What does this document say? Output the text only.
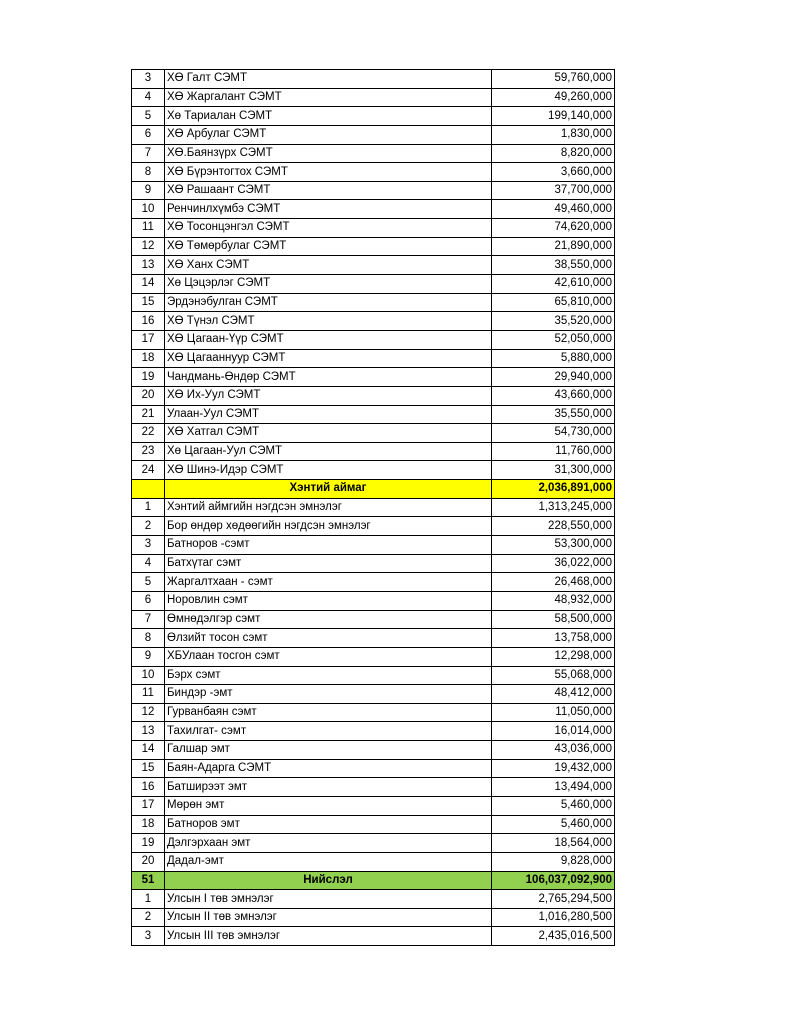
3	ХӨ Галт СЭМТ	59,760,000
4	ХӨ Жаргалант СЭМТ	49,260,000
5	Хө Тариалан СЭМТ	199,140,000
6	ХӨ Арбулаг СЭМТ	1,830,000
7	ХӨ.Баянзүрх СЭМТ	8,820,000
8	ХӨ Бүрэнтогтох СЭМТ	3,660,000
9	ХӨ Рашаант СЭМТ	37,700,000
10	Ренчинлхүмбэ СЭМТ	49,460,000
11	ХӨ Тосонцэнгэл СЭМТ	74,620,000
12	ХӨ Төмөрбулаг СЭМТ	21,890,000
13	ХӨ Ханх СЭМТ	38,550,000
14	Хө Цэцэрлэг СЭМТ	42,610,000
15	Эрдэнэбулган СЭМТ	65,810,000
16	ХӨ Түнэл СЭМТ	35,520,000
17	ХӨ Цагаан-Үүр СЭМТ	52,050,000
18	ХӨ Цагааннуур СЭМТ	5,880,000
19	Чандмань-Өндөр СЭМТ	29,940,000
20	ХӨ Их-Уул СЭМТ	43,660,000
21	Улаан-Уул СЭМТ	35,550,000
22	ХӨ Хатгал СЭМТ	54,730,000
23	Хө Цагаан-Уул СЭМТ	11,760,000
24	ХӨ Шинэ-Идэр СЭМТ	31,300,000
	Хэнтий аймаг	2,036,891,000
1	Хэнтий аймгийн нэгдсэн эмнэлэг	1,313,245,000
2	Бор өндөр хөдөөгийн нэгдсэн эмнэлэг	228,550,000
3	Батноров -сэмт	53,300,000
4	Батхүтаг сэмт	36,022,000
5	Жаргалтхаан - сэмт	26,468,000
6	Норовлин сэмт	48,932,000
7	Өмнөдэлгэр сэмт	58,500,000
8	Өлзийт тосон сэмт	13,758,000
9	ХБУлаан тосгон сэмт	12,298,000
10	Бэрх сэмт	55,068,000
11	Биндэр -эмт	48,412,000
12	Гурванбаян сэмт	11,050,000
13	Тахилгат- сэмт	16,014,000
14	Галшар эмт	43,036,000
15	Баян-Адарга СЭМТ	19,432,000
16	Батширээт эмт	13,494,000
17	Мөрөн эмт	5,460,000
18	Батноров эмт	5,460,000
19	Дэлгэрхаан эмт	18,564,000
20	Дадал-эмт	9,828,000
51	Нийслэл	106,037,092,900
1	Улсын I төв эмнэлэг	2,765,294,500
2	Улсын II төв эмнэлэг	1,016,280,500
3	Улсын III төв эмнэлэг	2,435,016,500
